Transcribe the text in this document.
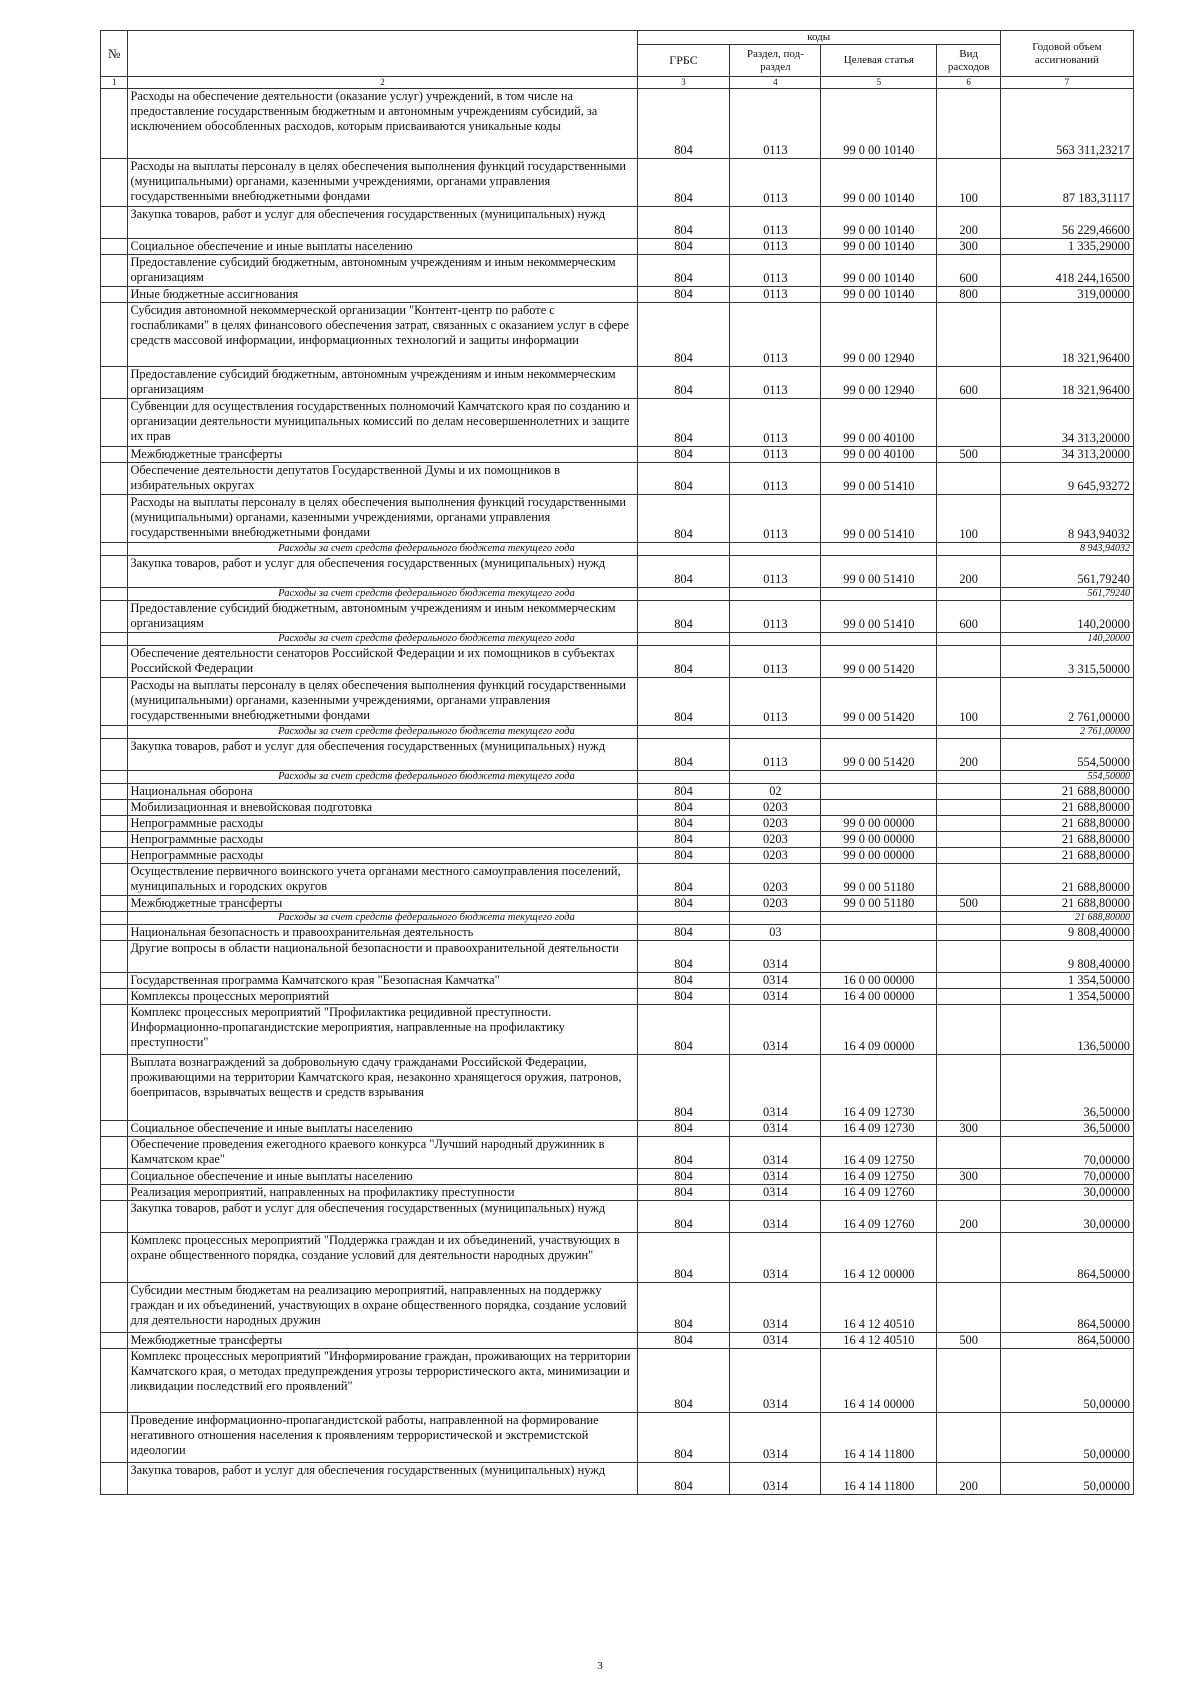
№		коды				Годовой объем ассигнований
		ГРБС	Раздел, под-раздел	Целевая статья	Вид расходов	
1	2	3	4	5	6	7
	Расходы на обеспечение деятельности (оказание услуг) учреждений, в том числе на предоставление государственным бюджетным и автономным учреждениям субсидий, за исключением обособленных расходов, которым присваиваются уникальные коды	804	0113	99 0 00 10140		563 311,23217
	Расходы на выплаты персоналу в целях обеспечения выполнения функций государственными (муниципальными) органами, казенными учреждениями, органами управления государственными внебюджетными фондами	804	0113	99 0 00 10140	100	87 183,31117
	Закупка товаров, работ и услуг для обеспечения государственных (муниципальных) нужд	804	0113	99 0 00 10140	200	56 229,46600
	Социальное обеспечение и иные выплаты населению	804	0113	99 0 00 10140	300	1 335,29000
	Предоставление субсидий бюджетным, автономным учреждениям и иным некоммерческим организациям	804	0113	99 0 00 10140	600	418 244,16500
	Иные бюджетные ассигнования	804	0113	99 0 00 10140	800	319,00000
	Субсидия автономной некоммерческой организации "Контент-центр по работе с госпабликами" в целях финансового обеспечения затрат, связанных с оказанием услуг в сфере средств массовой информации, информационных технологий и защиты информации	804	0113	99 0 00 12940		18 321,96400
	Предоставление субсидий бюджетным, автономным учреждениям и иным некоммерческим организациям	804	0113	99 0 00 12940	600	18 321,96400
	Субвенции для осуществления государственных полномочий Камчатского края по созданию и организации деятельности муниципальных комиссий по делам несовершеннолетних и защите их прав	804	0113	99 0 00 40100		34 313,20000
	Межбюджетные трансферты	804	0113	99 0 00 40100	500	34 313,20000
	Обеспечение деятельности депутатов Государственной Думы и их помощников в избирательных округах	804	0113	99 0 00 51410		9 645,93272
	Расходы на выплаты персоналу в целях обеспечения выполнения функций государственными (муниципальными) органами, казенными учреждениями, органами управления государственными внебюджетными фондами	804	0113	99 0 00 51410	100	8 943,94032
	Расходы за счет средств федерального бюджета текущего года					8 943,94032
	Закупка товаров, работ и услуг для обеспечения государственных (муниципальных) нужд	804	0113	99 0 00 51410	200	561,79240
	Расходы за счет средств федерального бюджета текущего года					561,79240
	Предоставление субсидий бюджетным, автономным учреждениям и иным некоммерческим организациям	804	0113	99 0 00 51410	600	140,20000
	Расходы за счет средств федерального бюджета текущего года					140,20000
	Обеспечение деятельности сенаторов Российской Федерации и их помощников в субъектах Российской Федерации	804	0113	99 0 00 51420		3 315,50000
	Расходы на выплаты персоналу в целях обеспечения выполнения функций государственными (муниципальными) органами, казенными учреждениями, органами управления государственными внебюджетными фондами	804	0113	99 0 00 51420	100	2 761,00000
	Расходы за счет средств федерального бюджета текущего года					2 761,00000
	Закупка товаров, работ и услуг для обеспечения государственных (муниципальных) нужд	804	0113	99 0 00 51420	200	554,50000
	Расходы за счет средств федерального бюджета текущего года					554,50000
	Национальная оборона	804	02			21 688,80000
	Мобилизационная и вневойсковая подготовка	804	0203			21 688,80000
	Непрограммные расходы	804	0203	99 0 00 00000		21 688,80000
	Непрограммные расходы	804	0203	99 0 00 00000		21 688,80000
	Непрограммные расходы	804	0203	99 0 00 00000		21 688,80000
	Осуществление первичного воинского учета органами местного самоуправления поселений, муниципальных и городских округов	804	0203	99 0 00 51180		21 688,80000
	Межбюджетные трансферты	804	0203	99 0 00 51180	500	21 688,80000
	Расходы за счет средств федерального бюджета текущего года					21 688,80000
	Национальная безопасность и правоохранительная деятельность	804	03			9 808,40000
	Другие вопросы в области национальной безопасности и правоохранительной деятельности	804	0314			9 808,40000
	Государственная программа Камчатского края "Безопасная Камчатка"	804	0314	16 0 00 00000		1 354,50000
	Комплексы процессных мероприятий	804	0314	16 4 00 00000		1 354,50000
	Комплекс процессных мероприятий "Профилактика рецидивной преступности. Информационно-пропагандистские мероприятия, направленные на профилактику преступности"	804	0314	16 4 09 00000		136,50000
	Выплата вознаграждений за добровольную сдачу гражданами Российской Федерации, проживающими на территории Камчатского края, незаконно хранящегося оружия, патронов, боеприпасов, взрывчатых веществ и средств взрывания	804	0314	16 4 09 12730		36,50000
	Социальное обеспечение и иные выплаты населению	804	0314	16 4 09 12730	300	36,50000
	Обеспечение проведения ежегодного краевого конкурса "Лучший народный дружинник в Камчатском крае"	804	0314	16 4 09 12750		70,00000
	Социальное обеспечение и иные выплаты населению	804	0314	16 4 09 12750	300	70,00000
	Реализация мероприятий, направленных на профилактику преступности	804	0314	16 4 09 12760		30,00000
	Закупка товаров, работ и услуг для обеспечения государственных (муниципальных) нужд	804	0314	16 4 09 12760	200	30,00000
	Комплекс процессных мероприятий "Поддержка граждан и их объединений, участвующих в охране общественного порядка, создание условий для деятельности народных дружин"	804	0314	16 4 12 00000		864,50000
	Субсидии местным бюджетам на реализацию мероприятий, направленных на поддержку граждан и их объединений, участвующих в охране общественного порядка, создание условий для деятельности народных дружин	804	0314	16 4 12 40510		864,50000
	Межбюджетные трансферты	804	0314	16 4 12 40510	500	864,50000
	Комплекс процессных мероприятий "Информирование граждан, проживающих на территории Камчатского края, о методах предупреждения угрозы террористического акта, минимизации и ликвидации последствий его проявлений"	804	0314	16 4 14 00000		50,00000
	Проведение информационно-пропагандистской работы, направленной на формирование негативного отношения населения к проявлениям террористической и экстремистской идеологии	804	0314	16 4 14 11800		50,00000
	Закупка товаров, работ и услуг для обеспечения государственных (муниципальных) нужд	804	0314	16 4 14 11800	200	50,00000
3
